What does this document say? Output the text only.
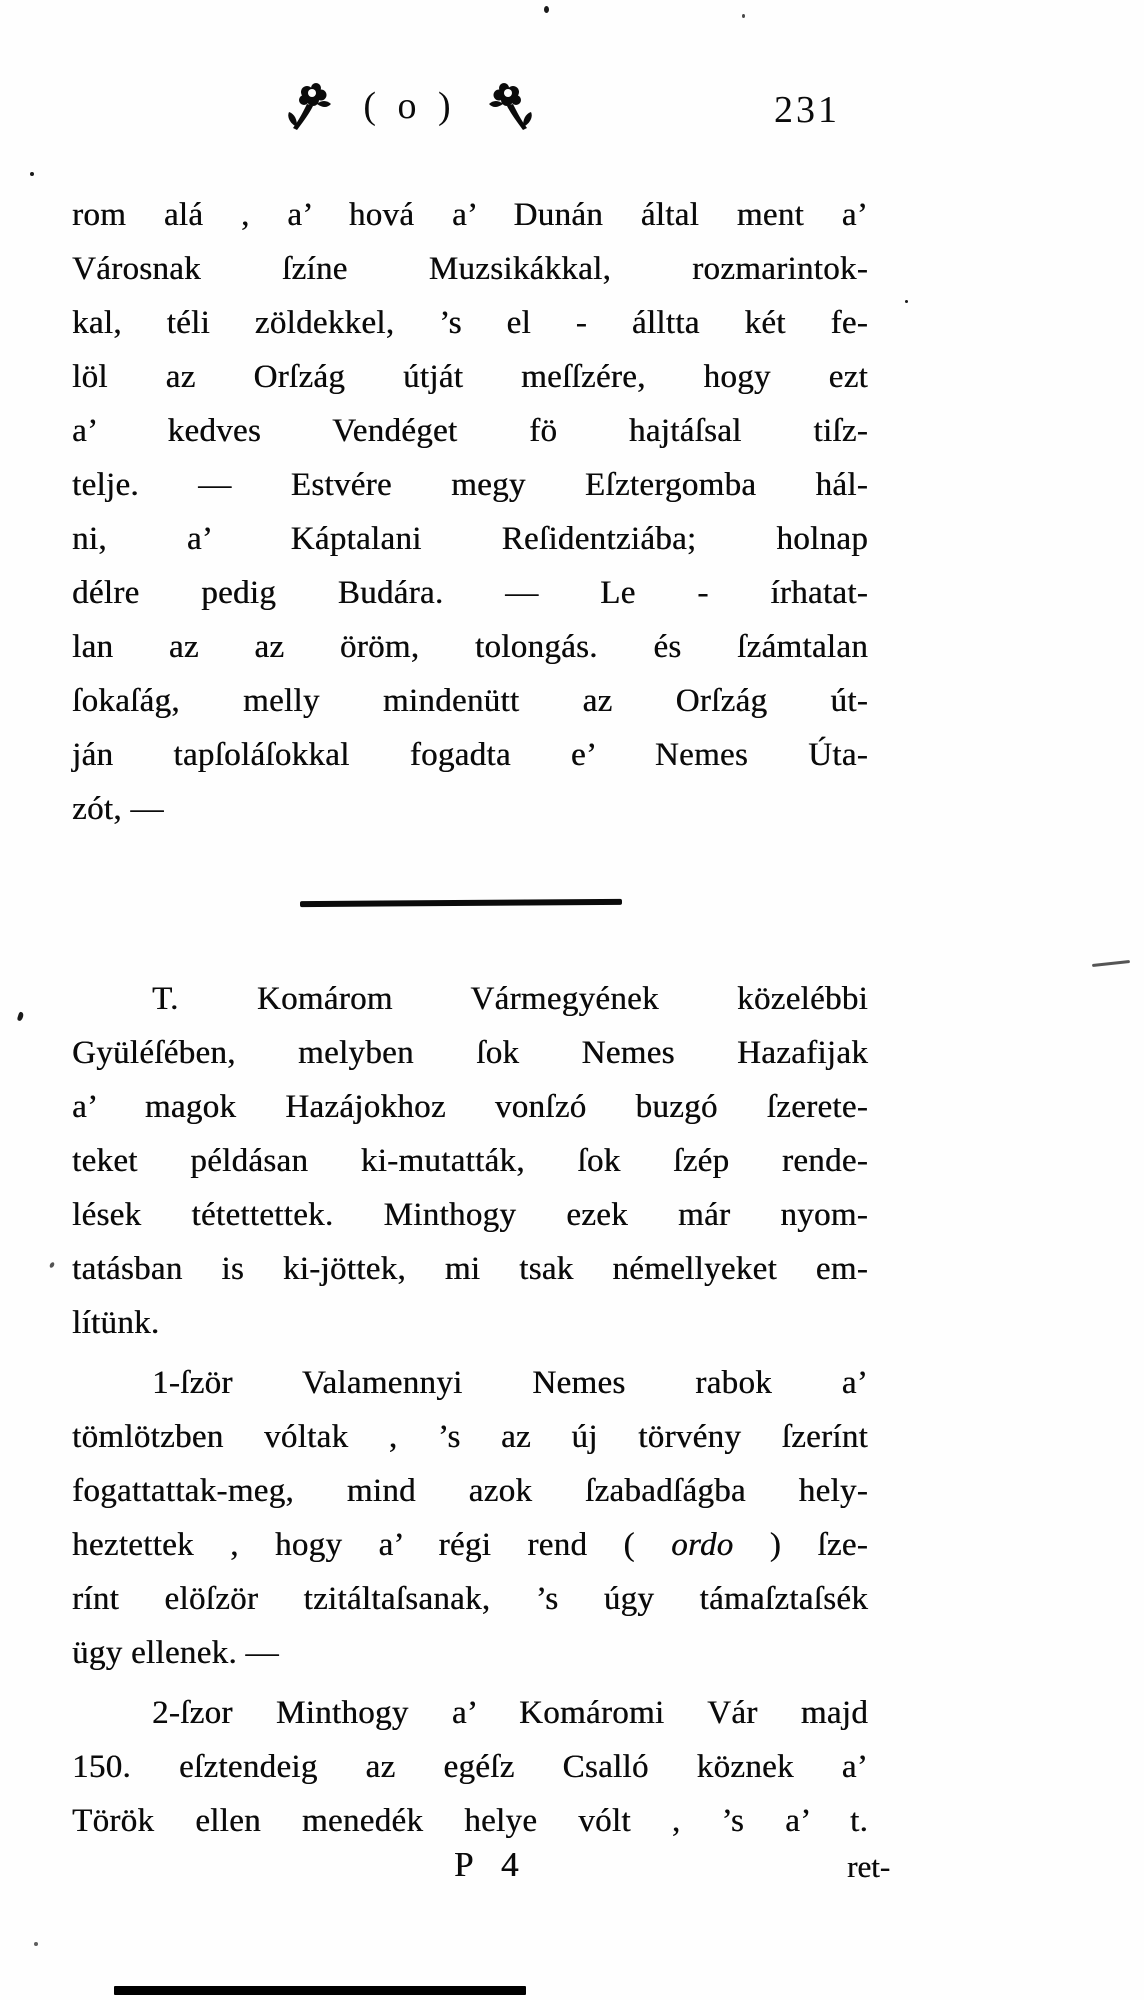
( o )	231
rom alá , a’ hová a’ Dunán által ment a’
Városnak ſzíne Muzsikákkal, rozmarintok-
kal, téli zöldekkel, ’s el - álltta két fe-
löl az Orſzág útját meſſzére, hogy ezt
a’ kedves Vendéget fö hajtáſsal tiſz-
telje. — Estvére megy Eſztergomba hál-
ni, a’ Káptalani Reſidentziába; holnap
délre pedig Budára. — Le - írhatat-
lan az az öröm, tolongás. és ſzámtalan
ſokaſág, melly mindenütt az Orſzág út-
ján tapſoláſokkal fogadta e’ Nemes Úta-
zót, —
T. Komárom Vármegyének közelébbi
Gyüléſében, melyben ſok Nemes Hazafijak
a’ magok Hazájokhoz vonſzó buzgó ſzerete-
teket példásan ki-mutatták, ſok ſzép rende-
lések tétettettek. Minthogy ezek már nyom-
tatásban is ki-jöttek, mi tsak némellyeket em-
lítünk.
1-ſzör Valamennyi Nemes rabok a’
tömlötzben vóltak , ’s az új törvény ſzerínt
fogattattak-meg, mind azok ſzabadſágba hely-
heztettek , hogy a’ régi rend ( ordo ) ſze-
rínt elöſzör tzitáltaſsanak, ’s úgy támaſztaſsék
ügy ellenek. —
2-ſzor Minthogy a’ Komáromi Vár majd
150. eſztendeig az egéſz Csalló köznek a’
Török ellen menedék helye vólt , ’s a’ t.
P 4	ret-
